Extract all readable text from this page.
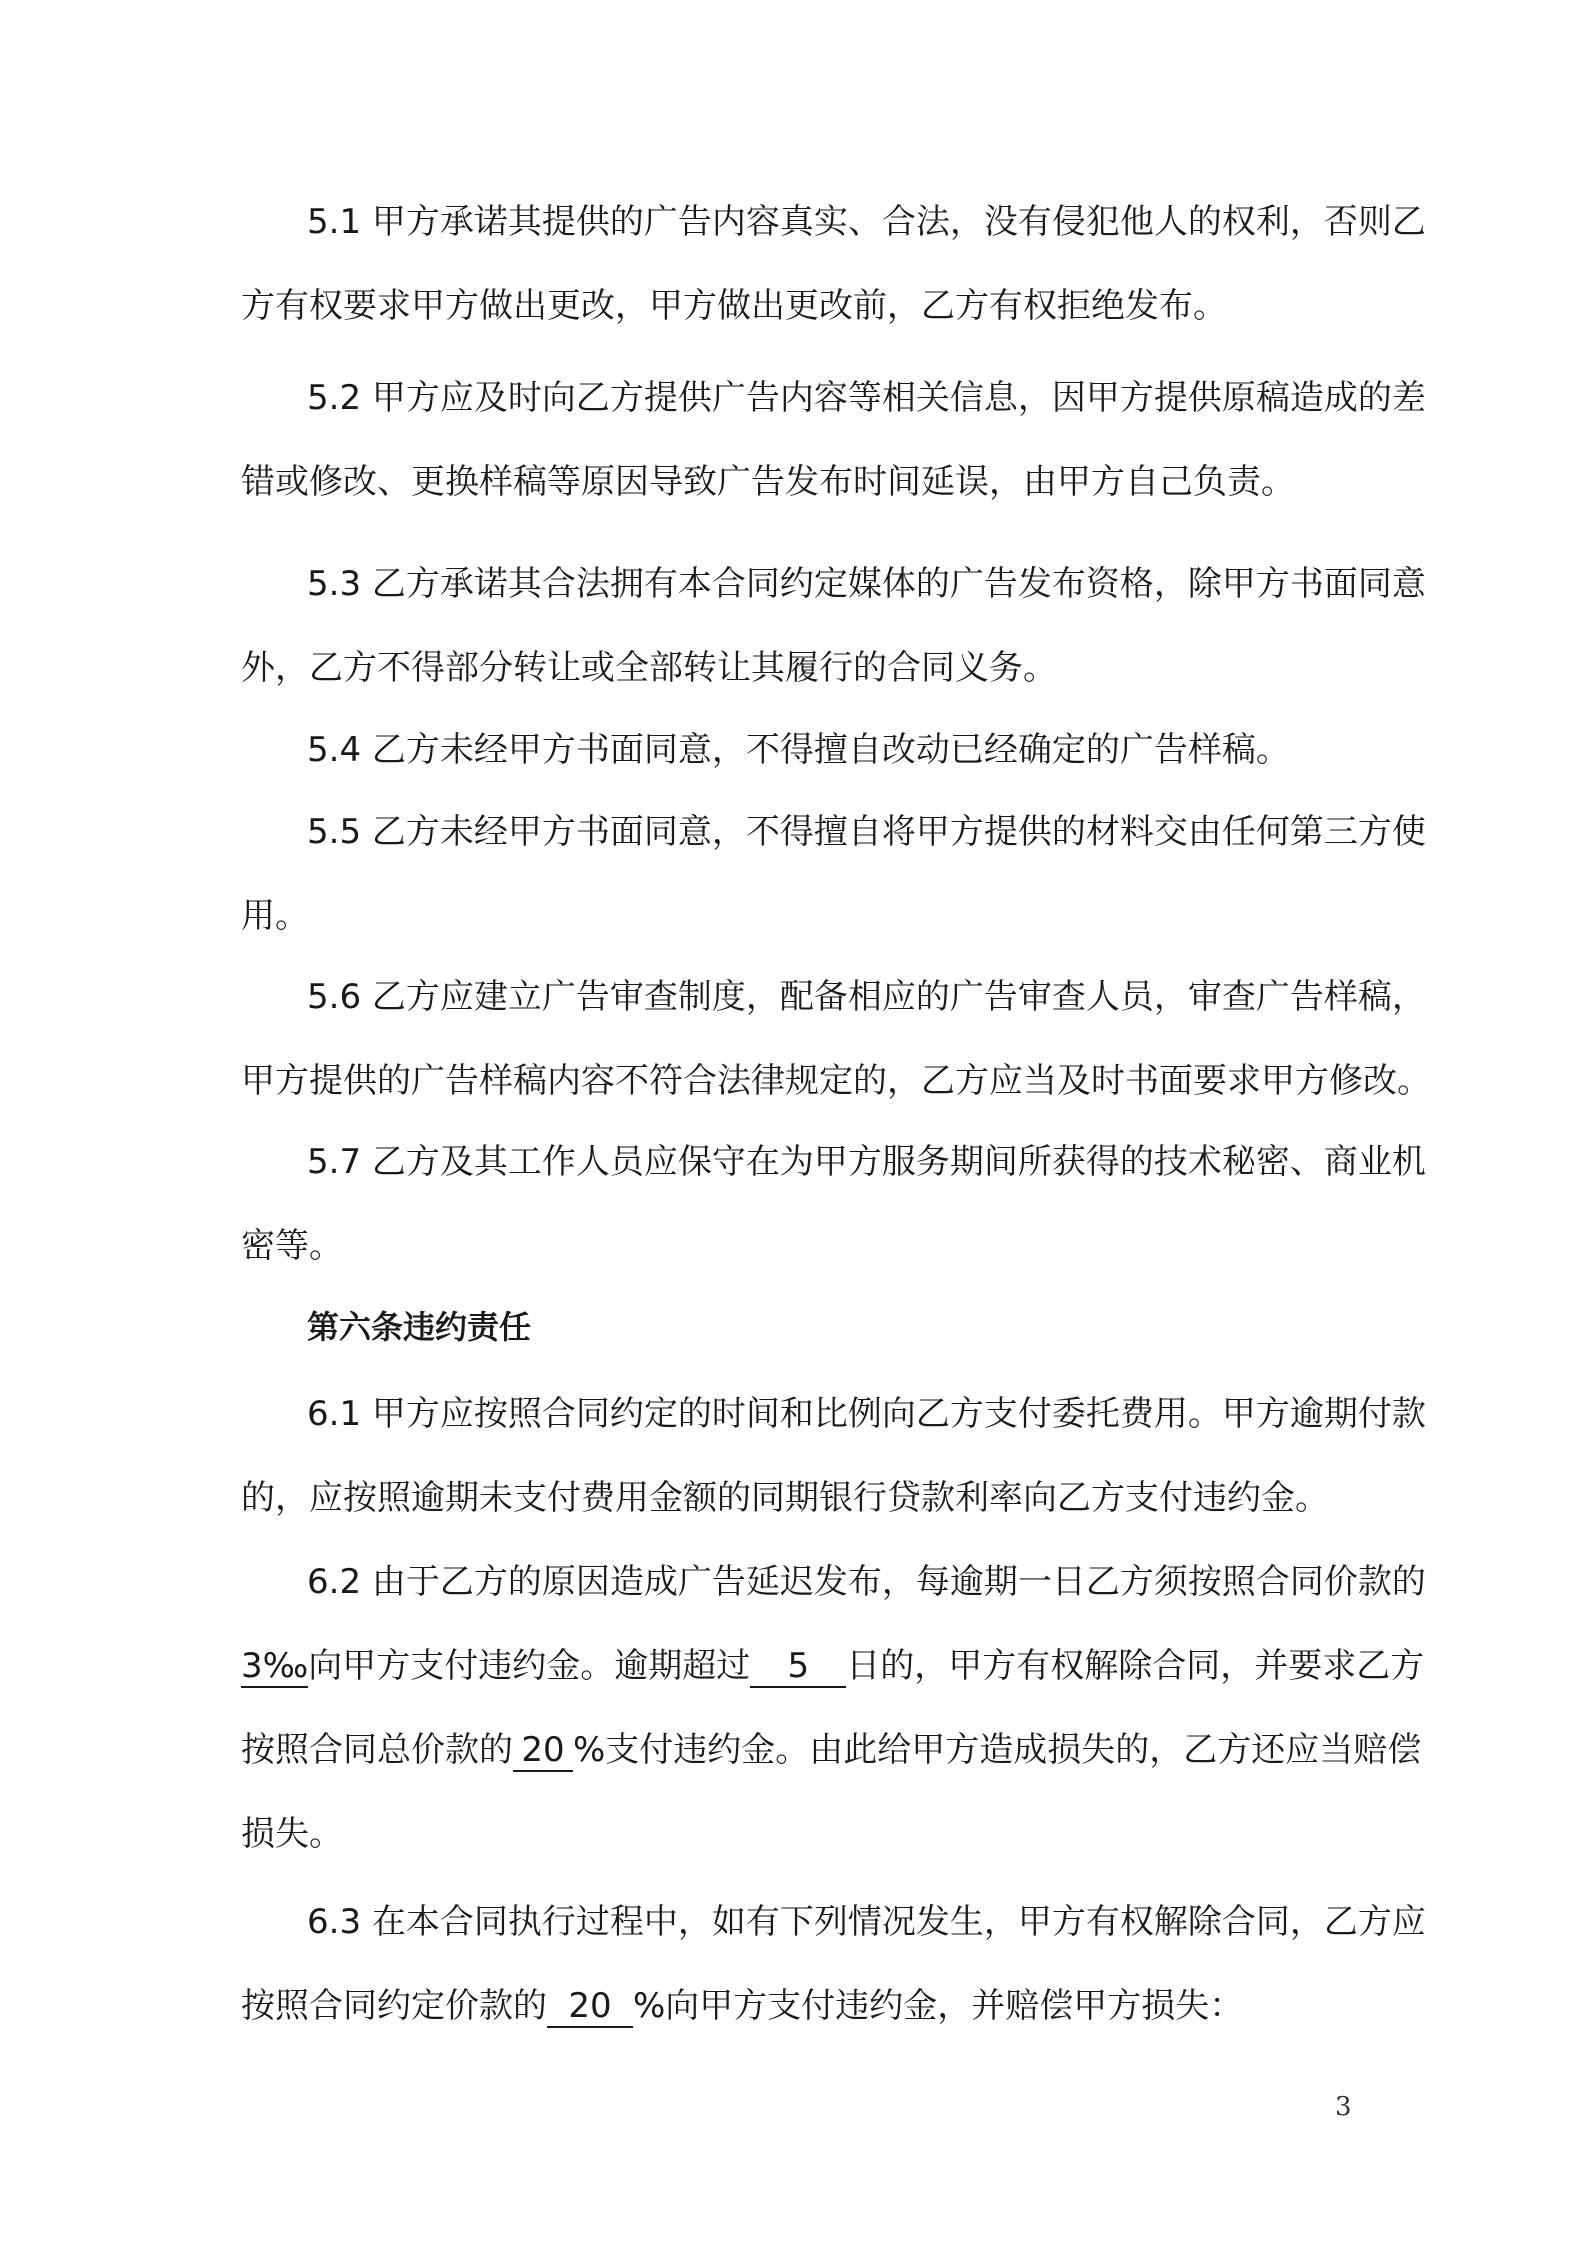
5.1 甲方承诺其提供的广告内容真实、合法，没有侵犯他人的权利，否则乙
方有权要求甲方做出更改，甲方做出更改前，乙方有权拒绝发布。

5.2 甲方应及时向乙方提供广告内容等相关信息，因甲方提供原稿造成的差
错或修改、更换样稿等原因导致广告发布时间延误，由甲方自己负责。

5.3 乙方承诺其合法拥有本合同约定媒体的广告发布资格，除甲方书面同意
外，乙方不得部分转让或全部转让其履行的合同义务。

5.4 乙方未经甲方书面同意，不得擅自改动已经确定的广告样稿。

5.5 乙方未经甲方书面同意，不得擅自将甲方提供的材料交由任何第三方使
用。

5.6 乙方应建立广告审查制度，配备相应的广告审查人员，审查广告样稿，
甲方提供的广告样稿内容不符合法律规定的，乙方应当及时书面要求甲方修改。

5.7 乙方及其工作人员应保守在为甲方服务期间所获得的技术秘密、商业机
密等。

第六条违约责任

6.1 甲方应按照合同约定的时间和比例向乙方支付委托费用。甲方逾期付款
的，应按照逾期未支付费用金额的同期银行贷款利率向乙方支付违约金。

6.2 由于乙方的原因造成广告延迟发布，每逾期一日乙方须按照合同价款的
3‰向甲方支付违约金。逾期超过 5 日的，甲方有权解除合同，并要求乙方
按照合同总价款的 20 %支付违约金。由此给甲方造成损失的，乙方还应当赔偿
损失。

6.3 在本合同执行过程中，如有下列情况发生，甲方有权解除合同，乙方应
按照合同约定价款的 20 %向甲方支付违约金，并赔偿甲方损失：

3
